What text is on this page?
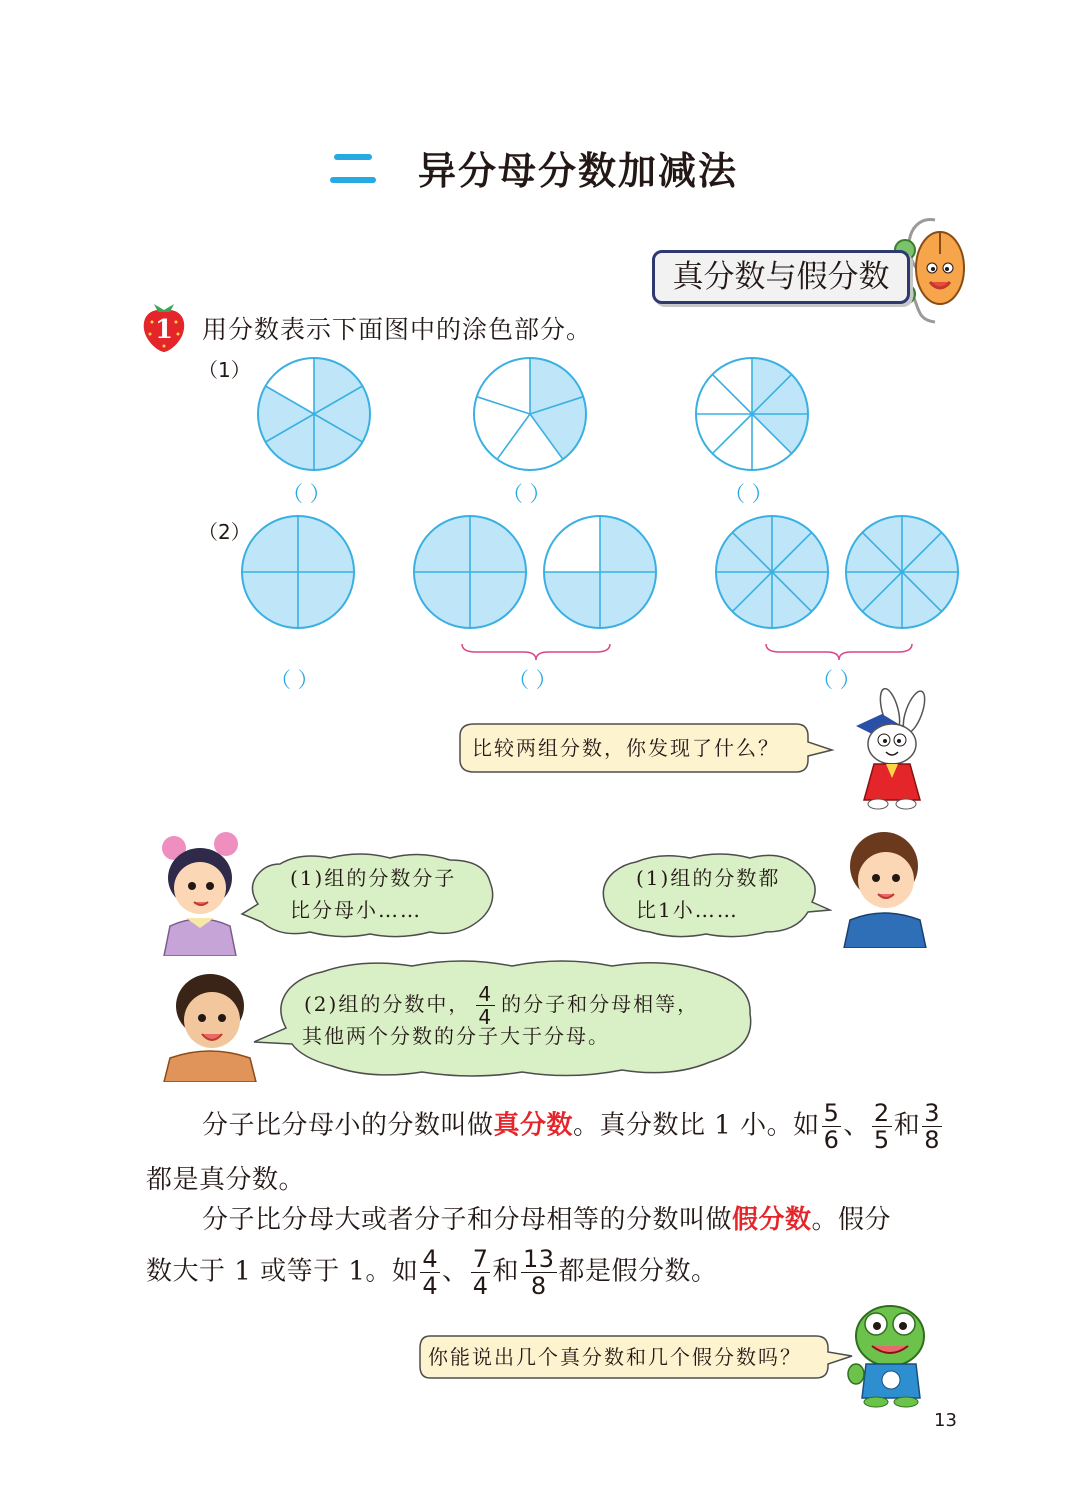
异分母分数加减法
真分数与假分数
1 用分数表示下面图中的涂色部分。
（1）
（2）
（ ）	（ ）	（ ）
（ ）	（ ）	（ ）
比较两组分数，你发现了什么？
(1)组的分数分子
比分母小……
(1)组的分数都
比1小……
(2)组的分数中， $\frac{4}{4}$ 的分子和分母相等，
其他两个分数的分子大于分母。
分子比分母小的分数叫做真分数。真分数比 1 小。如 $\frac{5}{6}$ 、 $\frac{2}{5}$ 和 $\frac{3}{8}$
都是真分数。
分子比分母大或者分子和分母相等的分数叫做假分数。假分
数大于 1 或等于 1。如 $\frac{4}{4}$ 、 $\frac{7}{4}$ 和 $\frac{13}{8}$ 都是假分数。
你能说出几个真分数和几个假分数吗？
13
